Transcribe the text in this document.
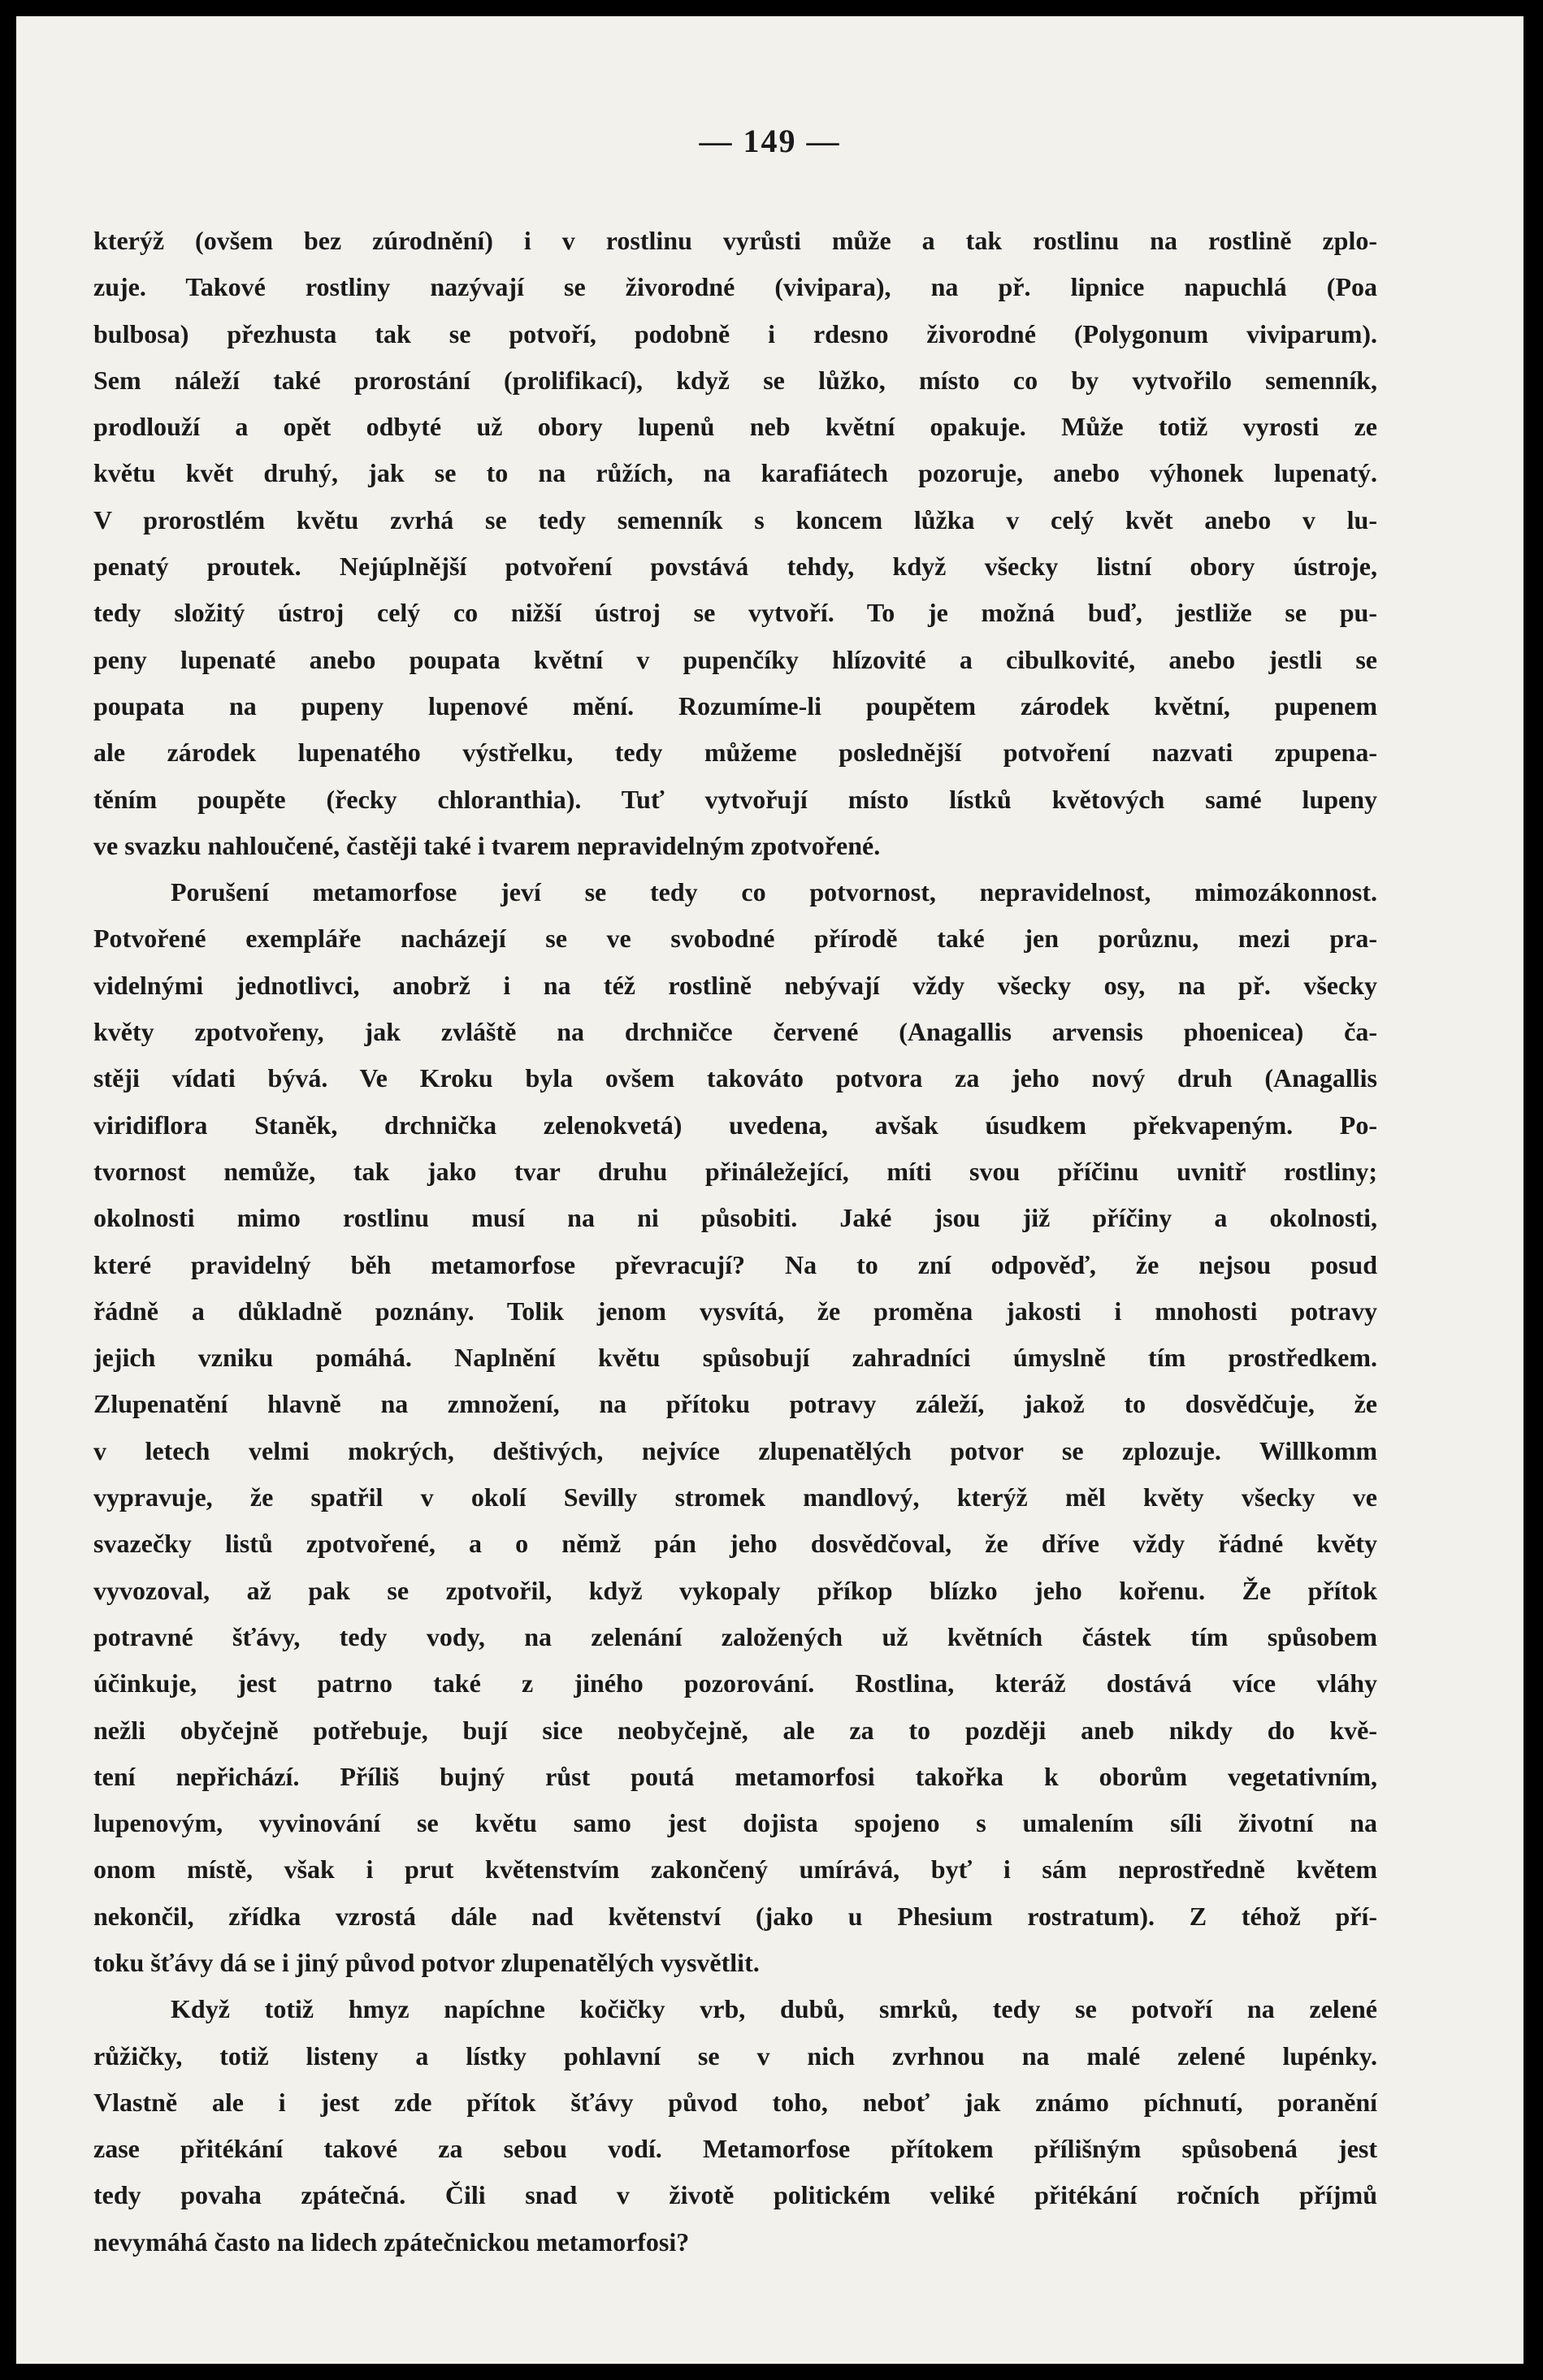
— 149 —
kterýž (ovšem bez zúrodnění) i v rostlinu vyrůsti může a tak rostlinu na rostlině zplo-
zuje. Takové rostliny nazývají se živorodné (vivipara), na př. lipnice napuchlá (Poa
bulbosa) přezhusta tak se potvoří, podobně i rdesno živorodné (Polygonum viviparum).
Sem náleží také prorostání (prolifikací), když se lůžko, místo co by vytvořilo semenník,
prodlouží a opět odbyté už obory lupenů neb květní opakuje. Může totiž vyrosti ze
květu květ druhý, jak se to na růžích, na karafiátech pozoruje, anebo výhonek lupenatý.
V prorostlém květu zvrhá se tedy semenník s koncem lůžka v celý květ anebo v lu-
penatý proutek. Nejúplnější potvoření povstává tehdy, když všecky listní obory ústroje,
tedy složitý ústroj celý co nižší ústroj se vytvoří. To je možná buď, jestliže se pu-
peny lupenaté anebo poupata květní v pupenčíky hlízovité a cibulkovité, anebo jestli se
poupata na pupeny lupenové mění. Rozumíme-li poupětem zárodek květní, pupenem
ale zárodek lupenatého výstřelku, tedy můžeme poslednější potvoření nazvati zpupena-
těním poupěte (řecky chloranthia). Tuť vytvořují místo lístků květových samé lupeny
ve svazku nahloučené, častěji také i tvarem nepravidelným zpotvořené.
Porušení metamorfose jeví se tedy co potvornost, nepravidelnost, mimozákonnost.
Potvořené exempláře nacházejí se ve svobodné přírodě také jen porůznu, mezi pra-
videlnými jednotlivci, anobrž i na též rostlině nebývají vždy všecky osy, na př. všecky
květy zpotvořeny, jak zvláště na drchničce červené (Anagallis arvensis phoenicea) ča-
stěji vídati bývá. Ve Kroku byla ovšem takováto potvora za jeho nový druh (Anagallis
viridiflora Staněk, drchnička zelenokvetá) uvedena, avšak úsudkem překvapeným. Po-
tvornost nemůže, tak jako tvar druhu přináležející, míti svou příčinu uvnitř rostliny;
okolnosti mimo rostlinu musí na ni působiti. Jaké jsou již příčiny a okolnosti,
které pravidelný běh metamorfose převracují? Na to zní odpověď, že nejsou posud
řádně a důkladně poznány. Tolik jenom vysvítá, že proměna jakosti i mnohosti potravy
jejich vzniku pomáhá. Naplnění květu spůsobují zahradníci úmyslně tím prostředkem.
Zlupenatění hlavně na zmnožení, na přítoku potravy záleží, jakož to dosvědčuje, že
v letech velmi mokrých, deštivých, nejvíce zlupenatělých potvor se zplozuje. Willkomm
vypravuje, že spatřil v okolí Sevilly stromek mandlový, kterýž měl květy všecky ve
svazečky listů zpotvořené, a o němž pán jeho dosvědčoval, že dříve vždy řádné květy
vyvozoval, až pak se zpotvořil, když vykopaly příkop blízko jeho kořenu. Že přítok
potravné šťávy, tedy vody, na zelenání založených už květních částek tím spůsobem
účinkuje, jest patrno také z jiného pozorování. Rostlina, kteráž dostává více vláhy
nežli obyčejně potřebuje, bují sice neobyčejně, ale za to později aneb nikdy do kvě-
tení nepřichází. Příliš bujný růst poutá metamorfosi takořka k oborům vegetativním,
lupenovým, vyvinování se květu samo jest dojista spojeno s umalením síli životní na
onom místě, však i prut květenstvím zakončený umírává, byť i sám neprostředně květem
nekončil, zřídka vzrostá dále nad květenství (jako u Phesium rostratum). Z téhož pří-
toku šťávy dá se i jiný původ potvor zlupenatělých vysvětlit.
Když totiž hmyz napíchne kočičky vrb, dubů, smrků, tedy se potvoří na zelené
růžičky, totiž listeny a lístky pohlavní se v nich zvrhnou na malé zelené lupénky.
Vlastně ale i jest zde přítok šťávy původ toho, neboť jak známo píchnutí, poranění
zase přitékání takové za sebou vodí. Metamorfose přítokem přílišným spůsobená jest
tedy povaha zpátečná. Čili snad v životě politickém veliké přitékání ročních příjmů
nevymáhá často na lidech zpátečnickou metamorfosi?
